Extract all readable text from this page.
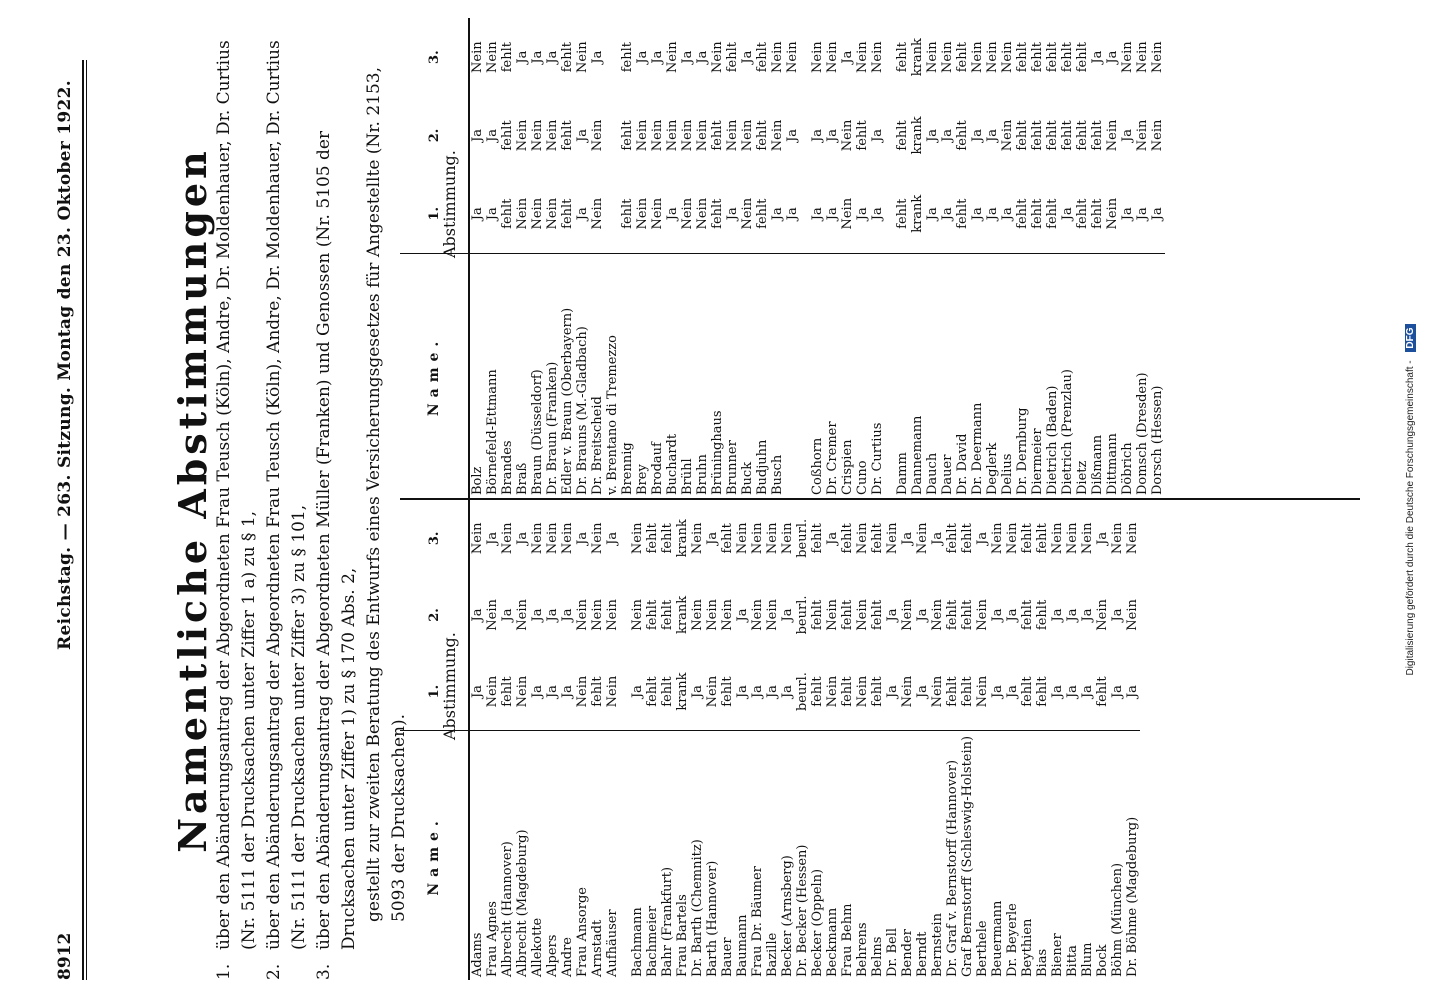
8912
Reichstag. — 263. Sitzung. Montag den 23. Oktober 1922.	Namentliche Abstimmungen
1.
über den Abänderungsantrag der Abgeordneten Frau Teusch (Köln), Andre, Dr. Moldenhauer, Dr. Curtius (Nr. 5111 der Drucksachen unter Ziffer 1 a) zu § 1,
2.
über den Abänderungsantrag der Abgeordneten Frau Teusch (Köln), Andre, Dr. Moldenhauer, Dr. Curtius (Nr. 5111 der Drucksachen unter Ziffer 3) zu § 101,
3.
über den Abänderungsantrag der Abgeordneten Müller (Franken) und Genossen (Nr. 5105 der Drucksachen unter Ziffer 1) zu § 170 Abs. 2, gestellt zur zweiten Beratung des Entwurfs eines Versicherungsgesetzes für Angestellte (Nr. 2153, 5093 der Drucksachen). Name.	1.	2.	3.
Adams	Ja	Ja	Nein
Frau Agnes	Nein	Nein	Ja
Albrecht (Hannover)	fehlt	Ja	Nein
Albrecht (Magdeburg)	Nein	Nein	Ja
Allekotte	Ja	Ja	Nein
Alpers	Ja	Ja	Nein
Andre	Ja	Ja	Nein
Frau Ansorge	Nein	Nein	Ja
Arnstadt	fehlt	Nein	Nein
Aufhäuser	Nein	Nein	Ja

Bachmann	Ja	Nein	Nein
Bachmeier	fehlt	fehlt	fehlt
Bahr (Frankfurt)	fehlt	fehlt	fehlt
Frau Bartels	krank	krank	krank
Dr. Barth (Chemnitz)	Ja	Nein	Nein
Barth (Hannover)	Nein	Nein	Ja
Bauer	fehlt	Nein	fehlt
Baumann	Ja	Ja	Nein
Frau Dr. Bäumer	Ja	Nein	Nein
Bazille	Ja	Nein	Nein
Becker (Arnsberg)	Ja	Ja	Nein
Dr. Becker (Hessen)	beurl.	beurl.	beurl.
Becker (Oppeln)	fehlt	fehlt	fehlt
Beckmann	Nein	Nein	Ja
Frau Behm	fehlt	fehlt	fehlt
Behrens	Nein	Nein	Nein
Belms	fehlt	fehlt	fehlt
Dr. Bell	Ja	Ja	Nein
Bender	Nein	Nein	Ja
Berndt	Ja	Ja	Nein
Bernstein	Nein	Nein	Ja
Dr. Graf v. Bernstorff (Hannover)	fehlt	fehlt	fehlt
Graf Bernstorff (Schleswig-Holstein)	fehlt	fehlt	fehlt
Berthele	Nein	Nein	Ja
Beuermann	Ja	Ja	Nein
Dr. Beyerle	Ja	Ja	Nein
Beythien	fehlt	fehlt	fehlt
Bias	fehlt	fehlt	fehlt
Biener	Ja	Ja	Nein
Bitta	Ja	Ja	Nein
Blum	Ja	Ja	Nein
Bock	fehlt	Nein	Ja
Böhm (München)	Ja	Ja	Nein
Dr. Böhme (Magdeburg)	Ja	Nein	Nein
Abstimmung.
Name.	1.	2.	3.
Bolz	Ja	Ja	Nein
Börnefeld-Ettmann	Ja	Ja	Nein
Brandes	fehlt	fehlt	fehlt
Braß	Nein	Nein	Ja
Braun (Düsseldorf)	Nein	Nein	Ja
Dr. Braun (Franken)	Nein	Nein	Ja
Edler v. Braun (Oberbayern)	fehlt	fehlt	fehlt
Dr. Brauns (M.-Gladbach)	Ja	Ja	Nein
Dr. Breitscheid	Nein	Nein	Ja
v. Brentano di Tremezzo			
Brennig	fehlt	fehlt	fehlt
Brey	Nein	Nein	Ja
Brodauf	Nein	Nein	Ja
Buchardt	Ja	Nein	Nein
Brühl	Nein	Nein	Ja
Bruhn	Nein	Nein	Ja
Brüninghaus	fehlt	fehlt	Nein
Brunner	Ja	Nein	fehlt
Buck	Nein	Nein	Ja
Budjuhn	fehlt	fehlt	fehlt
Busch	Ja	Nein	Nein
	Ja	Ja	Nein

Coßhorn	Ja	Ja	Nein
Dr. Cremer	Ja	Ja	Nein
Crispien	Nein	Nein	Ja
Cuno	Ja	fehlt	Nein
Dr. Curtius	Ja	Ja	Nein

Damm	fehlt	fehlt	fehlt
Dannemann	krank	krank	krank
Dauch	Ja	Ja	Nein
Dauer	Ja	Ja	Nein
Dr. David	fehlt	fehlt	fehlt
Dr. Deermann	Ja	Ja	Nein
Deglerk	Ja	Ja	Nein
Delius	Ja	Nein	Nein
Dr. Dernburg	fehlt	fehlt	fehlt
Diermeier	fehlt	fehlt	fehlt
Dietrich (Baden)	fehlt	fehlt	fehlt
Dietrich (Prenzlau)	Ja	fehlt	fehlt
Dietz	fehlt	fehlt	fehlt
Dißmann	fehlt	fehlt	Ja
Dittmann	Nein	Nein	Ja
Döbrich	Ja	Ja	Nein
Domsch (Dresden)	Ja	Nein	Nein
Dorsch (Hessen)	Ja	Nein	Nein
Abstimmung.
Digitalisierung gefördert durch die Deutsche Forschungsgemeinschaft - DFG
